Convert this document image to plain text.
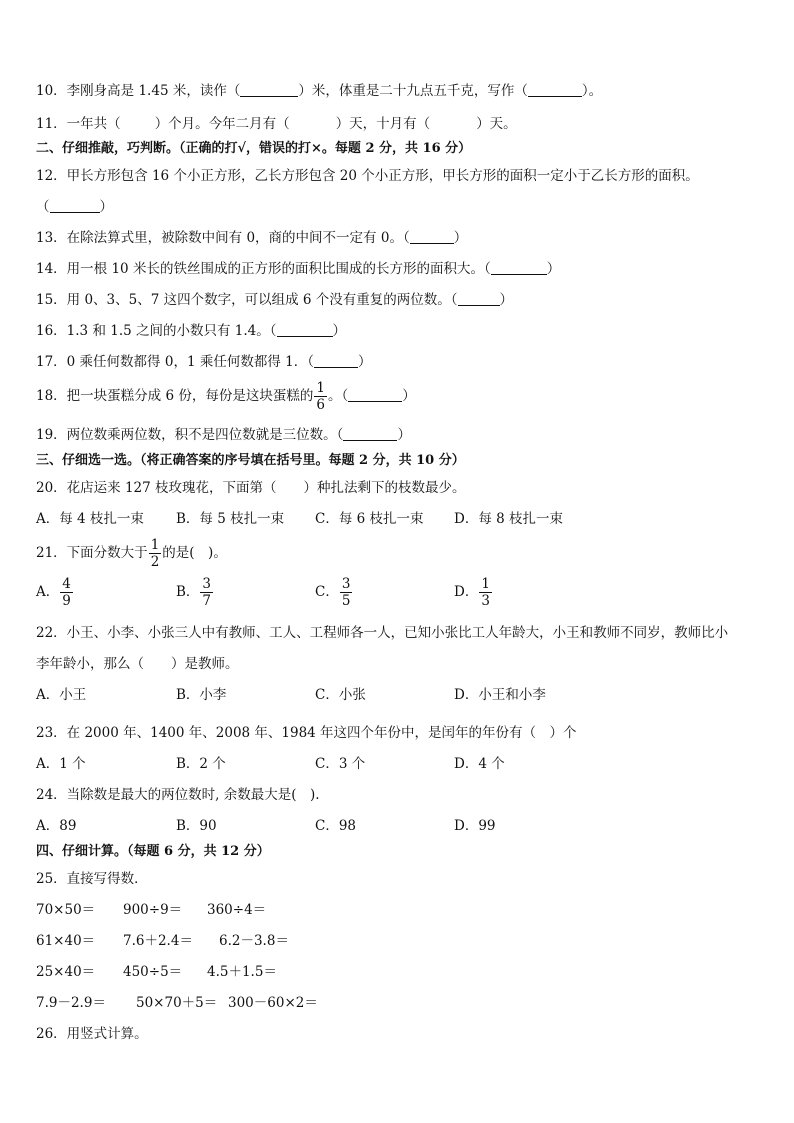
10．李刚身高是 1.45 米，读作（	）米，体重是二十九点五千克，写作（	）。
11．一年共（	）个月。今年二月有（	）天，十月有（	）天。
二、仔细推敲，巧判断。（正确的打√，错误的打×。每题 2 分，共 16 分）
12．甲长方形包含 16 个小正方形，乙长方形包含 20 个小正方形，甲长方形的面积一定小于乙长方形的面积。
（	）
13．在除法算式里，被除数中间有 0，商的中间不一定有 0。（	）
14．用一根 10 米长的铁丝围成的正方形的面积比围成的长方形的面积大。（	）
15．用 0、3、5、7 这四个数字，可以组成 6 个没有重复的两位数。（	）
16．1.3 和 1.5 之间的小数只有 1.4。（	）
17．0 乘任何数都得 0，1 乘任何数都得 1．（	）
18．把一块蛋糕分成 6 份，每份是这块蛋糕的 $\frac{1}{6}$ 。（	）
19．两位数乘两位数，积不是四位数就是三位数。（	）
三、仔细选一选。（将正确答案的序号填在括号里。每题 2 分，共 10 分）
20．花店运来 127 枝玫瑰花，下面第（　　）种扎法剩下的枝数最少。
A．每 4 枝扎一束 B．每 5 枝扎一束 C．每 6 枝扎一束 D．每 8 枝扎一束
21．下面分数大于 $\frac{1}{2}$ 的是(　)。
A． $\frac{4}{9}$	B． $\frac{3}{7}$	C． $\frac{3}{5}$	D． $\frac{1}{3}$
22．小王、小李、小张三人中有教师、工人、工程师各一人，已知小张比工人年龄大，小王和教师不同岁，教师比小
李年龄小，那么（　　）是教师。
A．小王	B．小李	C．小张	D．小王和小李
23．在 2000 年、1400 年、2008 年、1984 年这四个年份中，是闰年的年份有（　）个
A．1 个	B．2 个	C．3 个	D．4 个
24．当除数是最大的两位数时, 余数最大是(　).
A．89	B．90	C．98	D．99
四、仔细计算。（每题 6 分，共 12 分）
25．直接写得数．
70×50＝ 900÷9＝ 360÷4＝
61×40＝ 7.6＋2.4＝ 6.2－3.8＝
25×40＝ 450÷5＝ 4.5＋1.5＝
7.9－2.9＝ 50×70＋5＝ 300－60×2＝
26．用竖式计算。
